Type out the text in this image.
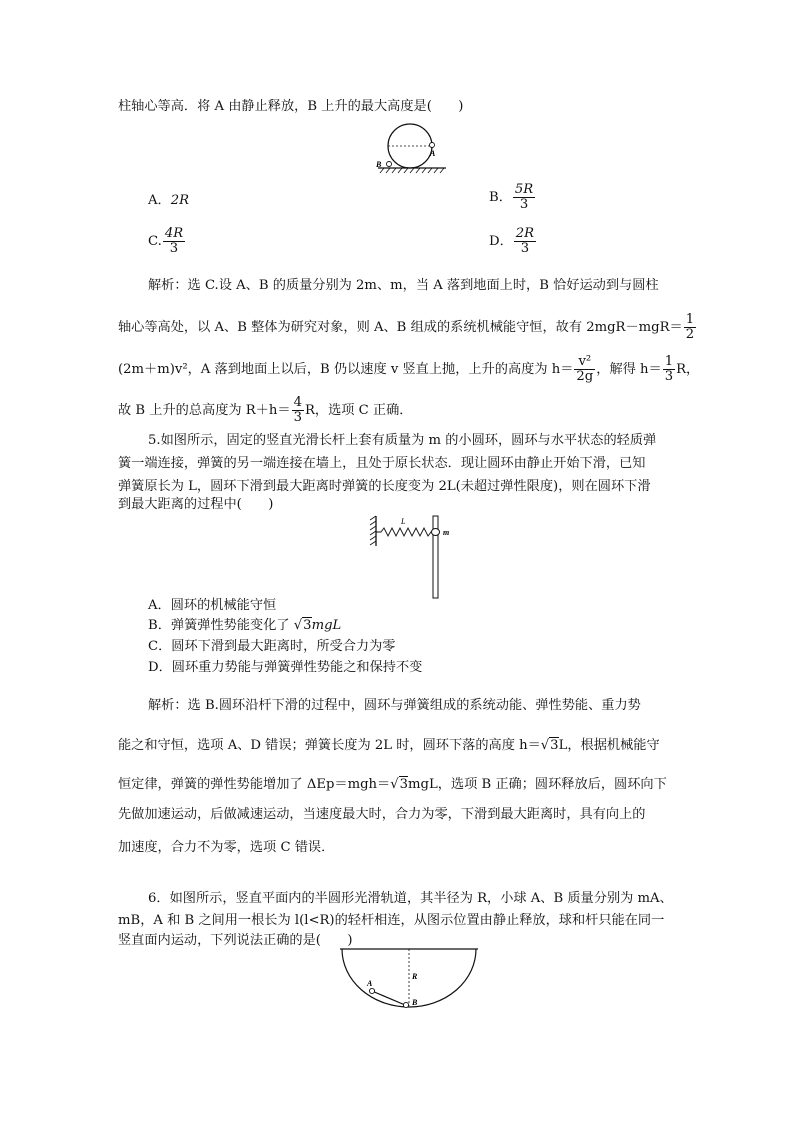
柱轴心等高．将 A 由静止释放，B 上升的最大高度是(　　)
A
B
A．2R	B． $\frac{5R}{3}$
C. $\frac{4R}{3}$	D． $\frac{2R}{3}$
解析：选 C.设 A、B 的质量分别为 2m、m，当 A 落到地面上时，B 恰好运动到与圆柱
轴心等高处，以 A、B 整体为研究对象，则 A、B 组成的系统机械能守恒，故有 $2mgR-mgR= \frac{1}{2}$
(2m＋m)v²，A 落到地面上以后，B 仍以速度 v 竖直上抛，上升的高度为 $h= \frac{\text{v²}}{2g}$ ，解得 $h= \frac{1}{3}$ R，
故 B 上升的总高度为 $R+h= \frac{4}{3}$ R，选项 C 正确．
5.如图所示，固定的竖直光滑长杆上套有质量为 m 的小圆环，圆环与水平状态的轻质弹
簧一端连接，弹簧的另一端连接在墙上，且处于原长状态．现让圆环由静止开始下滑，已知
弹簧原长为 L，圆环下滑到最大距离时弹簧的长度变为 2L(未超过弹性限度)，则在圆环下滑
到最大距离的过程中(　　)
L
m
A．圆环的机械能守恒
B．弹簧弹性势能变化了 √3mgL
C．圆环下滑到最大距离时，所受合力为零
D．圆环重力势能与弹簧弹性势能之和保持不变
解析：选 B.圆环沿杆下滑的过程中，圆环与弹簧组成的系统动能、弹性势能、重力势
能之和守恒，选项 A、D 错误；弹簧长度为 2L 时，圆环下落的高度 h＝√3L，根据机械能守
恒定律，弹簧的弹性势能增加了 ΔEp＝mgh＝√3mgL，选项 B 正确；圆环释放后，圆环向下
先做加速运动，后做减速运动，当速度最大时，合力为零，下滑到最大距离时，具有向上的
加速度，合力不为零，选项 C 错误．
6．如图所示，竖直平面内的半圆形光滑轨道，其半径为 R，小球 A、B 质量分别为 mA、
mB，A 和 B 之间用一根长为 l(l<R)的轻杆相连，从图示位置由静止释放，球和杆只能在同一
竖直面内运动，下列说法正确的是(　　)
R
A
B
